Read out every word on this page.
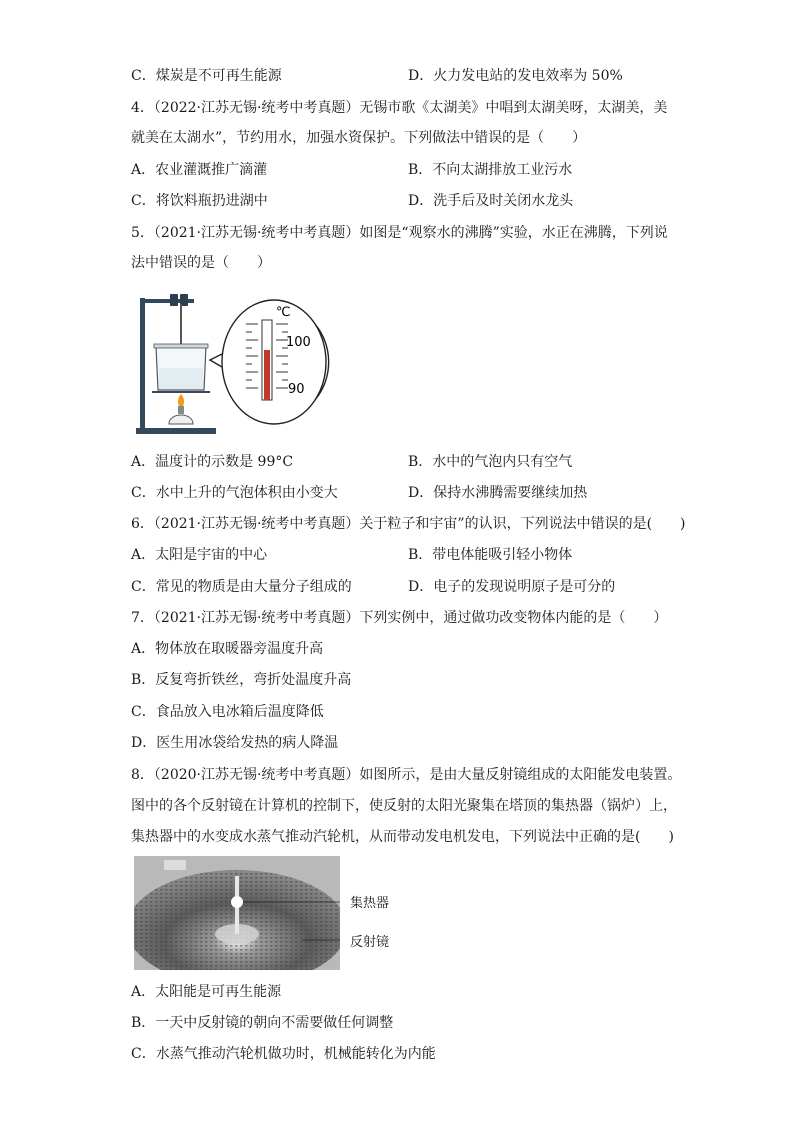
C．煤炭是不可再生能源	D．火力发电站的发电效率为 50%
4．（2022·江苏无锡·统考中考真题）无锡市歌《太湖美》中唱到太湖美呀，太湖美，美
就美在太湖水”，节约用水，加强水资保护。下列做法中错误的是（　　）
A．农业灌溉推广滴灌	B．不向太湖排放工业污水
C．将饮料瓶扔进湖中	D．洗手后及时关闭水龙头
5．（2021·江苏无锡·统考中考真题）如图是“观察水的沸腾”实验，水正在沸腾，下列说
法中错误的是（　　）
℃
100
90
A．温度计的示数是 99°C	B．水中的气泡内只有空气
C．水中上升的气泡体积由小变大	D．保持水沸腾需要继续加热
6．（2021·江苏无锡·统考中考真题）关于粒子和宇宙”的认识，下列说法中错误的是(　　)
A．太阳是宇宙的中心	B．带电体能吸引轻小物体
C．常见的物质是由大量分子组成的	D．电子的发现说明原子是可分的
7．（2021·江苏无锡·统考中考真题）下列实例中，通过做功改变物体内能的是（　　）
A．物体放在取暖器旁温度升高
B．反复弯折铁丝，弯折处温度升高
C．食品放入电冰箱后温度降低
D．医生用冰袋给发热的病人降温
8．（2020·江苏无锡·统考中考真题）如图所示，是由大量反射镜组成的太阳能发电装置。
图中的各个反射镜在计算机的控制下，使反射的太阳光聚集在塔顶的集热器（锅炉）上，
集热器中的水变成水蒸气推动汽轮机，从而带动发电机发电，下列说法中正确的是(　　)
集热器
反射镜
A．太阳能是可再生能源
B．一天中反射镜的朝向不需要做任何调整
C．水蒸气推动汽轮机做功时，机械能转化为内能
